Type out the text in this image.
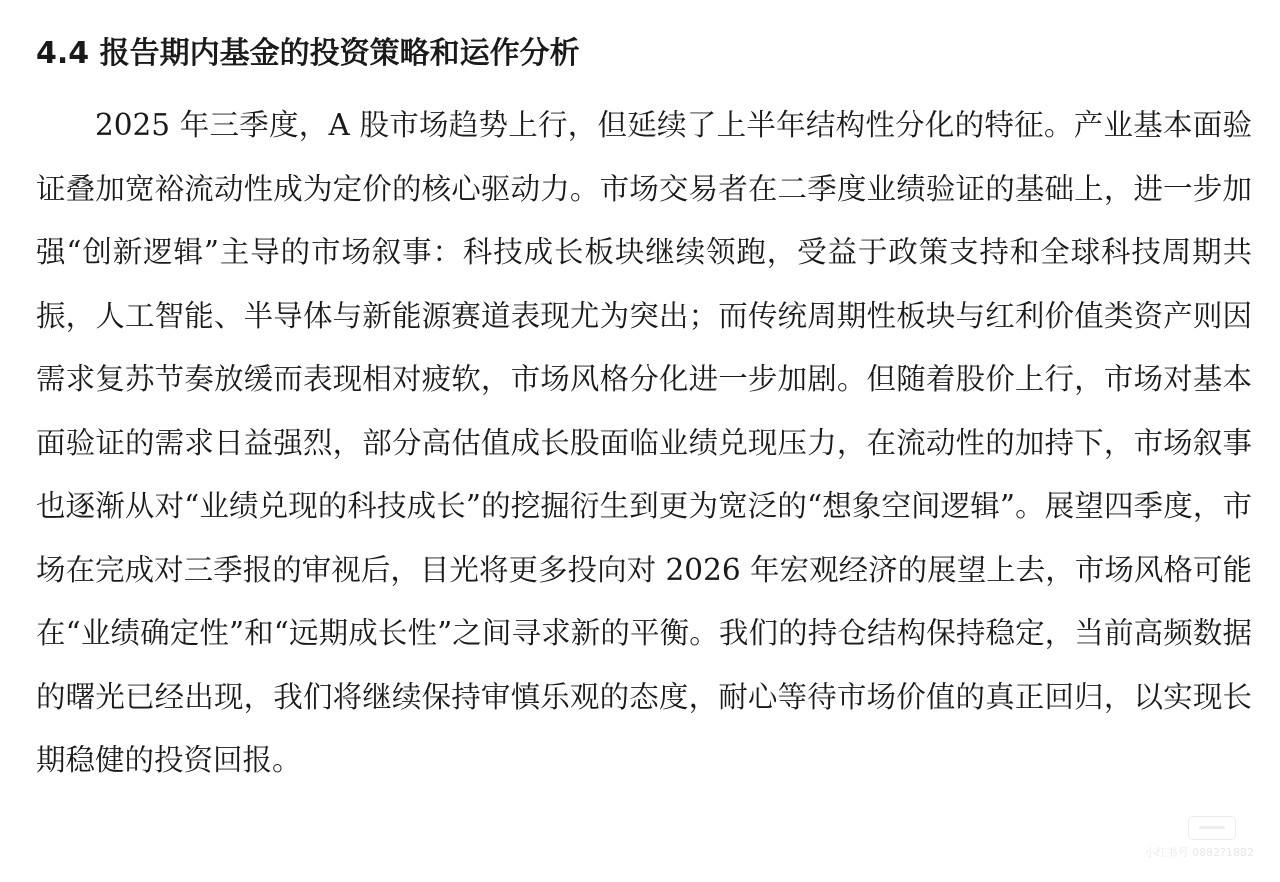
4.4 报告期内基金的投资策略和运作分析

2025 年三季度，A 股市场趋势上行，但延续了上半年结构性分化的特征。产业基本面验证叠加宽裕流动性成为定价的核心驱动力。市场交易者在二季度业绩验证的基础上，进一步加强“创新逻辑”主导的市场叙事：科技成长板块继续领跑，受益于政策支持和全球科技周期共振，人工智能、半导体与新能源赛道表现尤为突出；而传统周期性板块与红利价值类资产则因需求复苏节奏放缓而表现相对疲软，市场风格分化进一步加剧。但随着股价上行，市场对基本面验证的需求日益强烈，部分高估值成长股面临业绩兑现压力，在流动性的加持下，市场叙事也逐渐从对“业绩兑现的科技成长”的挖掘衍生到更为宽泛的“想象空间逻辑”。展望四季度，市场在完成对三季报的审视后，目光将更多投向对 2026 年宏观经济的展望上去，市场风格可能在“业绩确定性”和“远期成长性”之间寻求新的平衡。我们的持仓结构保持稳定，当前高频数据的曙光已经出现，我们将继续保持审慎乐观的态度，耐心等待市场价值的真正回归，以实现长期稳健的投资回报。

小红书号 0882?1882
